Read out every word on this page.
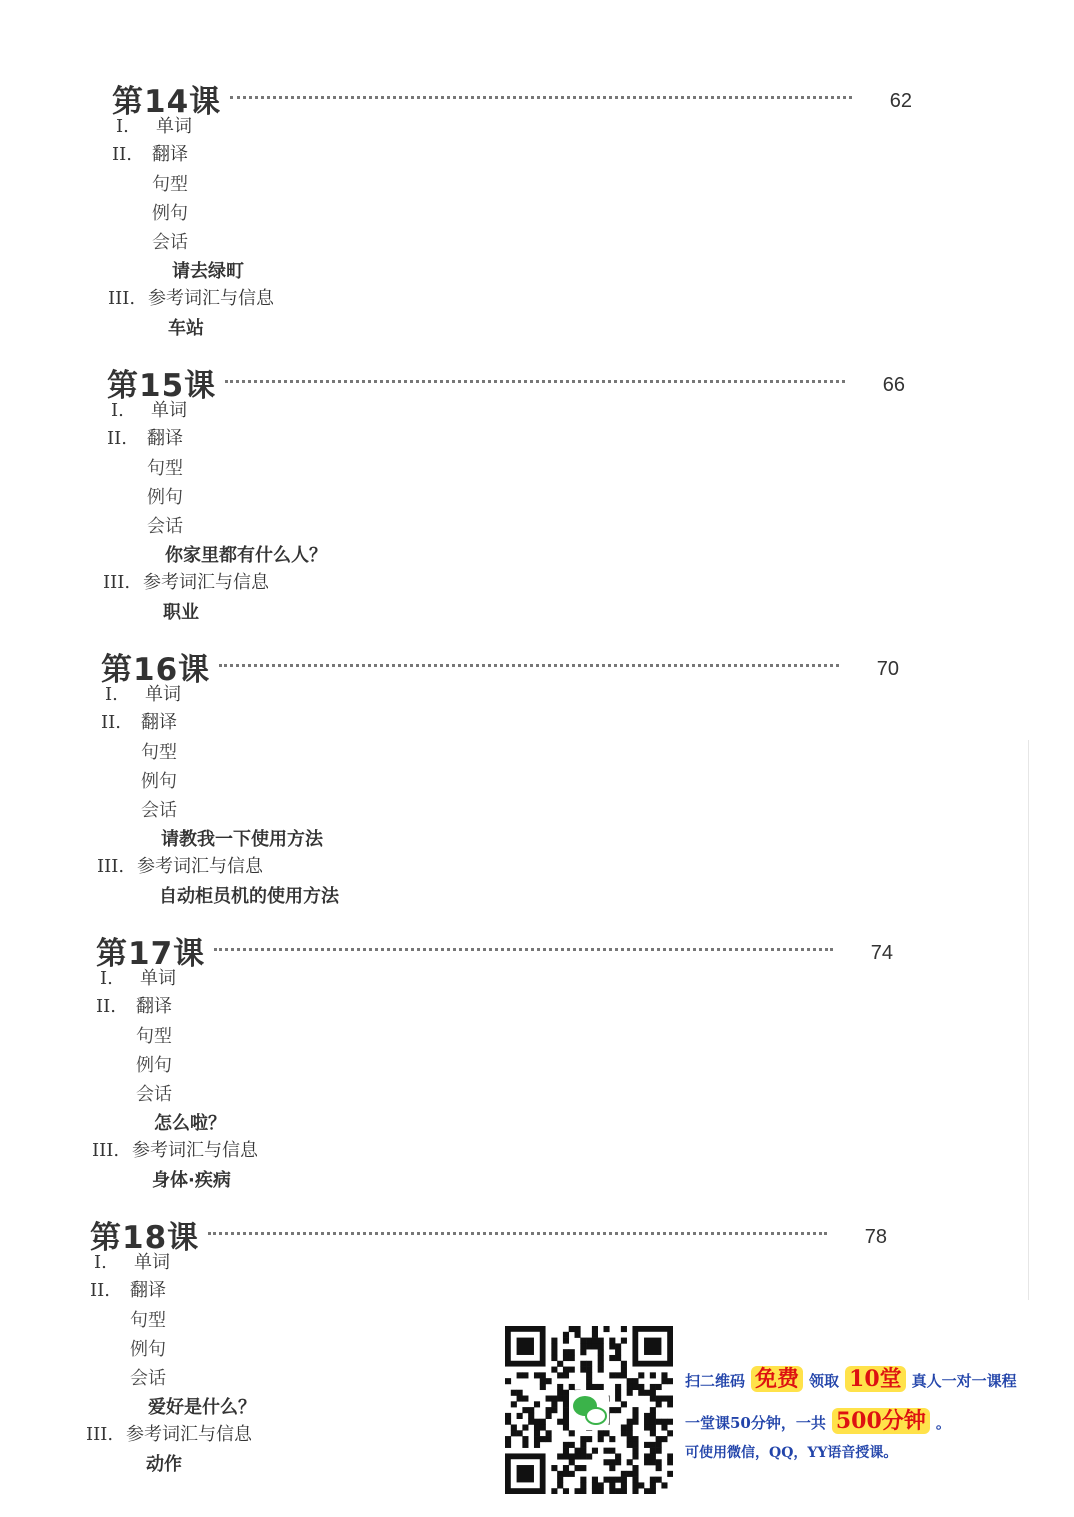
第14课	62
I. 单词
II. 翻译
句型
例句
会话
请去绿町
III. 参考词汇与信息
车站
第15课	66
I. 单词
II. 翻译
句型
例句
会话
你家里都有什么人？
III. 参考词汇与信息
职业
第16课	70
I. 单词
II. 翻译
句型
例句
会话
请教我一下使用方法
III. 参考词汇与信息
自动柜员机的使用方法
第17课	74
I. 单词
II. 翻译
句型
例句
会话
怎么啦？
III. 参考词汇与信息
身体·疾病
第18课	78
I. 单词
II. 翻译
句型
例句
会话
爱好是什么？
III. 参考词汇与信息
动作
扫二维码 免费 领取 10堂 真人一对一课程
一堂课50分钟，一共 500分钟 。
可使用微信，QQ，YY语音授课。
